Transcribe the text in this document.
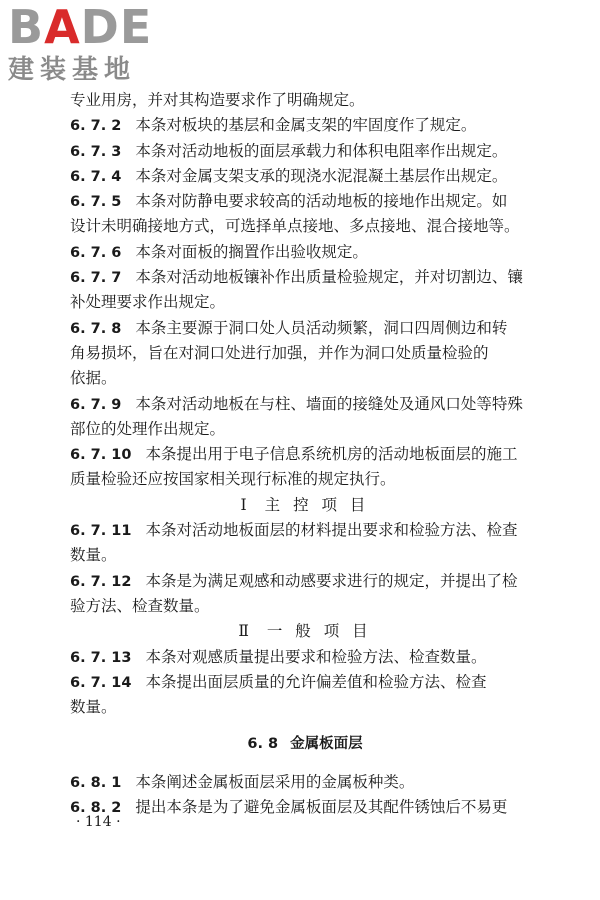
B A D E
建装基地
专业用房，并对其构造要求作了明确规定。
6. 7. 2 本条对板块的基层和金属支架的牢固度作了规定。
6. 7. 3 本条对活动地板的面层承载力和体积电阻率作出规定。
6. 7. 4 本条对金属支架支承的现浇水泥混凝土基层作出规定。
6. 7. 5 本条对防静电要求较高的活动地板的接地作出规定。如
设计未明确接地方式，可选择单点接地、多点接地、混合接地等。
6. 7. 6 本条对面板的搁置作出验收规定。
6. 7. 7 本条对活动地板镶补作出质量检验规定，并对切割边、镶
补处理要求作出规定。
6. 7. 8 本条主要源于洞口处人员活动频繁，洞口四周侧边和转
角易损坏，旨在对洞口处进行加强，并作为洞口处质量检验的
依据。
6. 7. 9 本条对活动地板在与柱、墙面的接缝处及通风口处等特殊
部位的处理作出规定。
6. 7. 10 本条提出用于电子信息系统机房的活动地板面层的施工
质量检验还应按国家相关现行标准的规定执行。
Ⅰ 主 控 项 目
6. 7. 11 本条对活动地板面层的材料提出要求和检验方法、检查
数量。
6. 7. 12 本条是为满足观感和动感要求进行的规定，并提出了检
验方法、检查数量。
Ⅱ 一 般 项 目
6. 7. 13 本条对观感质量提出要求和检验方法、检查数量。
6. 7. 14 本条提出面层质量的允许偏差值和检验方法、检查
数量。
6. 8 金属板面层
6. 8. 1 本条阐述金属板面层采用的金属板种类。
6. 8. 2 提出本条是为了避免金属板面层及其配件锈蚀后不易更
· 114 ·
